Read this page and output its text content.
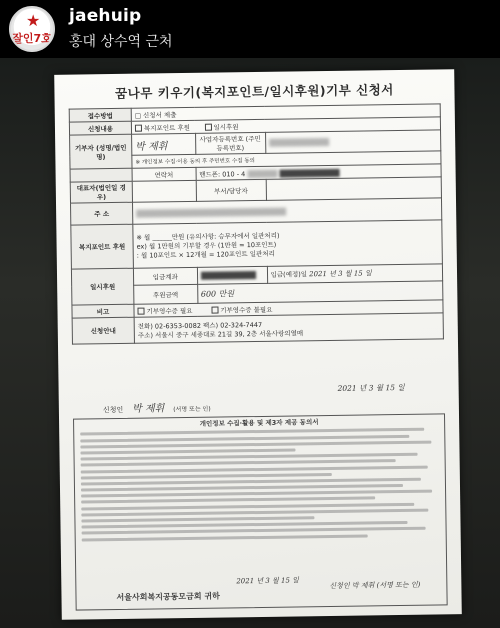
★
잘인7호
jaehuip
홍대 상수역 근처
꿈나무 키우기(복지포인트/일시후원)기부 신청서
접수방법	□ 신청서 제출		
신청내용	복지포인트 후원 일시후원		
기부자 (성명/법인명)	박 제휘	사업자등록번호 (주민등록번호)	
	※ 개인정보 수집·이용 동의 후 주민번호 수집 동의		
	연락처	핸드폰: 010 - 4	
대표자(법인일 경우)		부서/담당자	
주 소			
복지포인트 후원	※ 월 ______만원 (유의사항: 승무자에서 일관처리)
ex) 월 1만원의 기부할 경우 (1만원 = 10포인트)
: 월 10포인트 × 12개월 = 120포인트 일관처리		

일시후원	입금계좌		입금(예정)일 2021 년 3 월 15 일
	후원금액	600 만원	
비고	기부영수증 필요 기부영수증 불필요		
신청안내	전화) 02-6353-0082 팩스) 02-324-7447
주소) 서울시 중구 세종대로 21길 39, 2층 서울사랑의열매		
2021 년 3 월 15 일
신청인 박 제휘 (서명 또는 인)
개인정보 수집·활용 및 제3자 제공 동의서
2021 년 3 월 15 일	신청인 박 제휘 (서명 또는 인)
서울사회복지공동모금회 귀하
